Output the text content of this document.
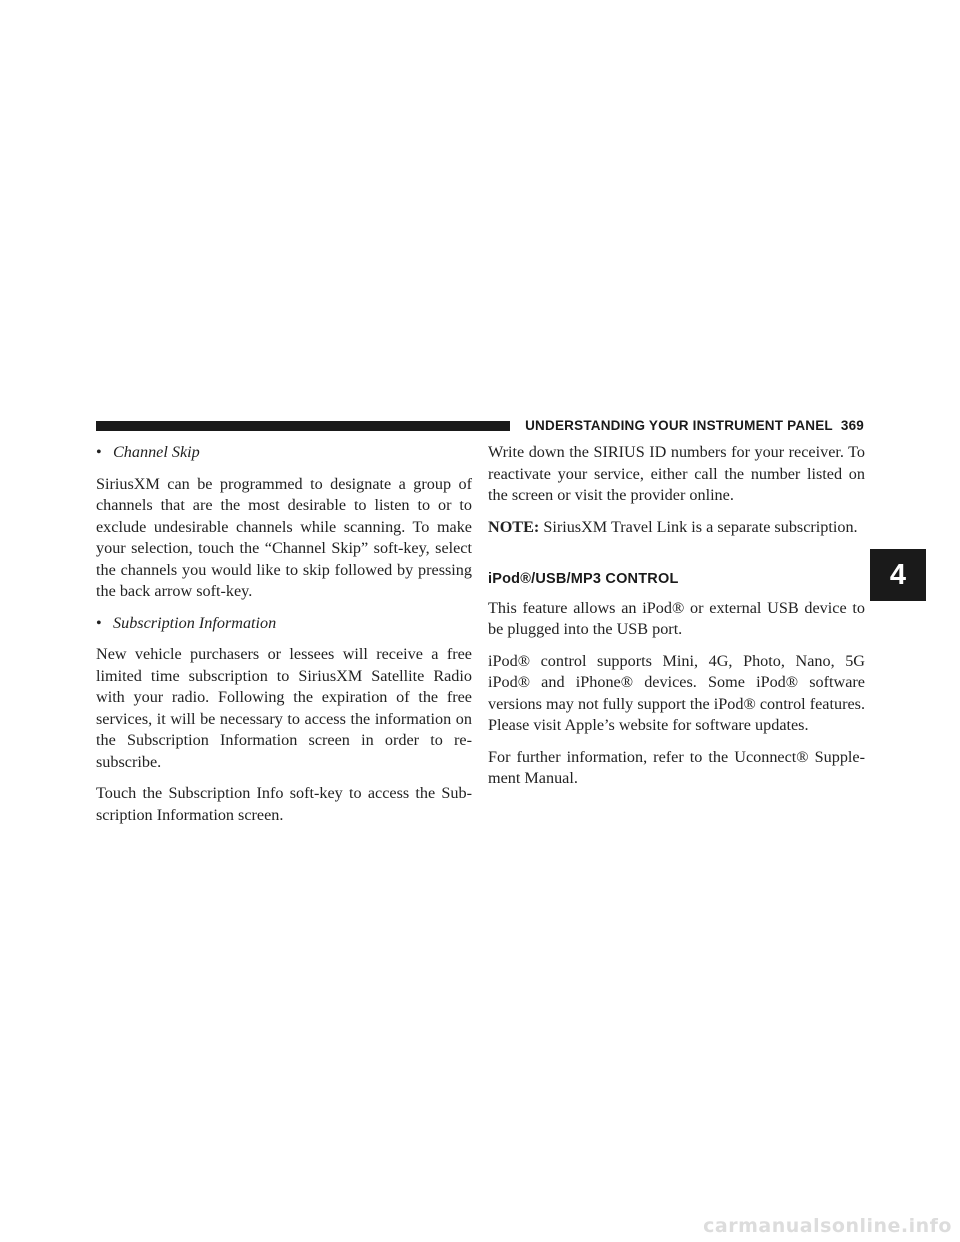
UNDERSTANDING YOUR INSTRUMENT PANEL 369
• Channel Skip

SiriusXM can be programmed to designate a group of channels that are the most desirable to listen to or to exclude undesirable channels while scanning. To make your selection, touch the “Channel Skip” soft-key, select the channels you would like to skip followed by pressing the back arrow soft-key.

• Subscription Information

New vehicle purchasers or lessees will receive a free limited time subscription to SiriusXM Satellite Radio with your radio. Following the expiration of the free services, it will be necessary to access the information on the Subscription Information screen in order to re-subscribe.

Touch the Subscription Info soft-key to access the Sub-scription Information screen.

Write down the SIRIUS ID numbers for your receiver. To reactivate your service, either call the number listed on the screen or visit the provider online.

NOTE: SiriusXM Travel Link is a separate subscription.

iPod®/USB/MP3 CONTROL

This feature allows an iPod® or external USB device to be plugged into the USB port.

iPod® control supports Mini, 4G, Photo, Nano, 5G iPod® and iPhone® devices. Some iPod® software versions may not fully support the iPod® control features. Please visit Apple’s website for software updates.

For further information, refer to the Uconnect® Supple-ment Manual.

4
carmanualsonline.info
